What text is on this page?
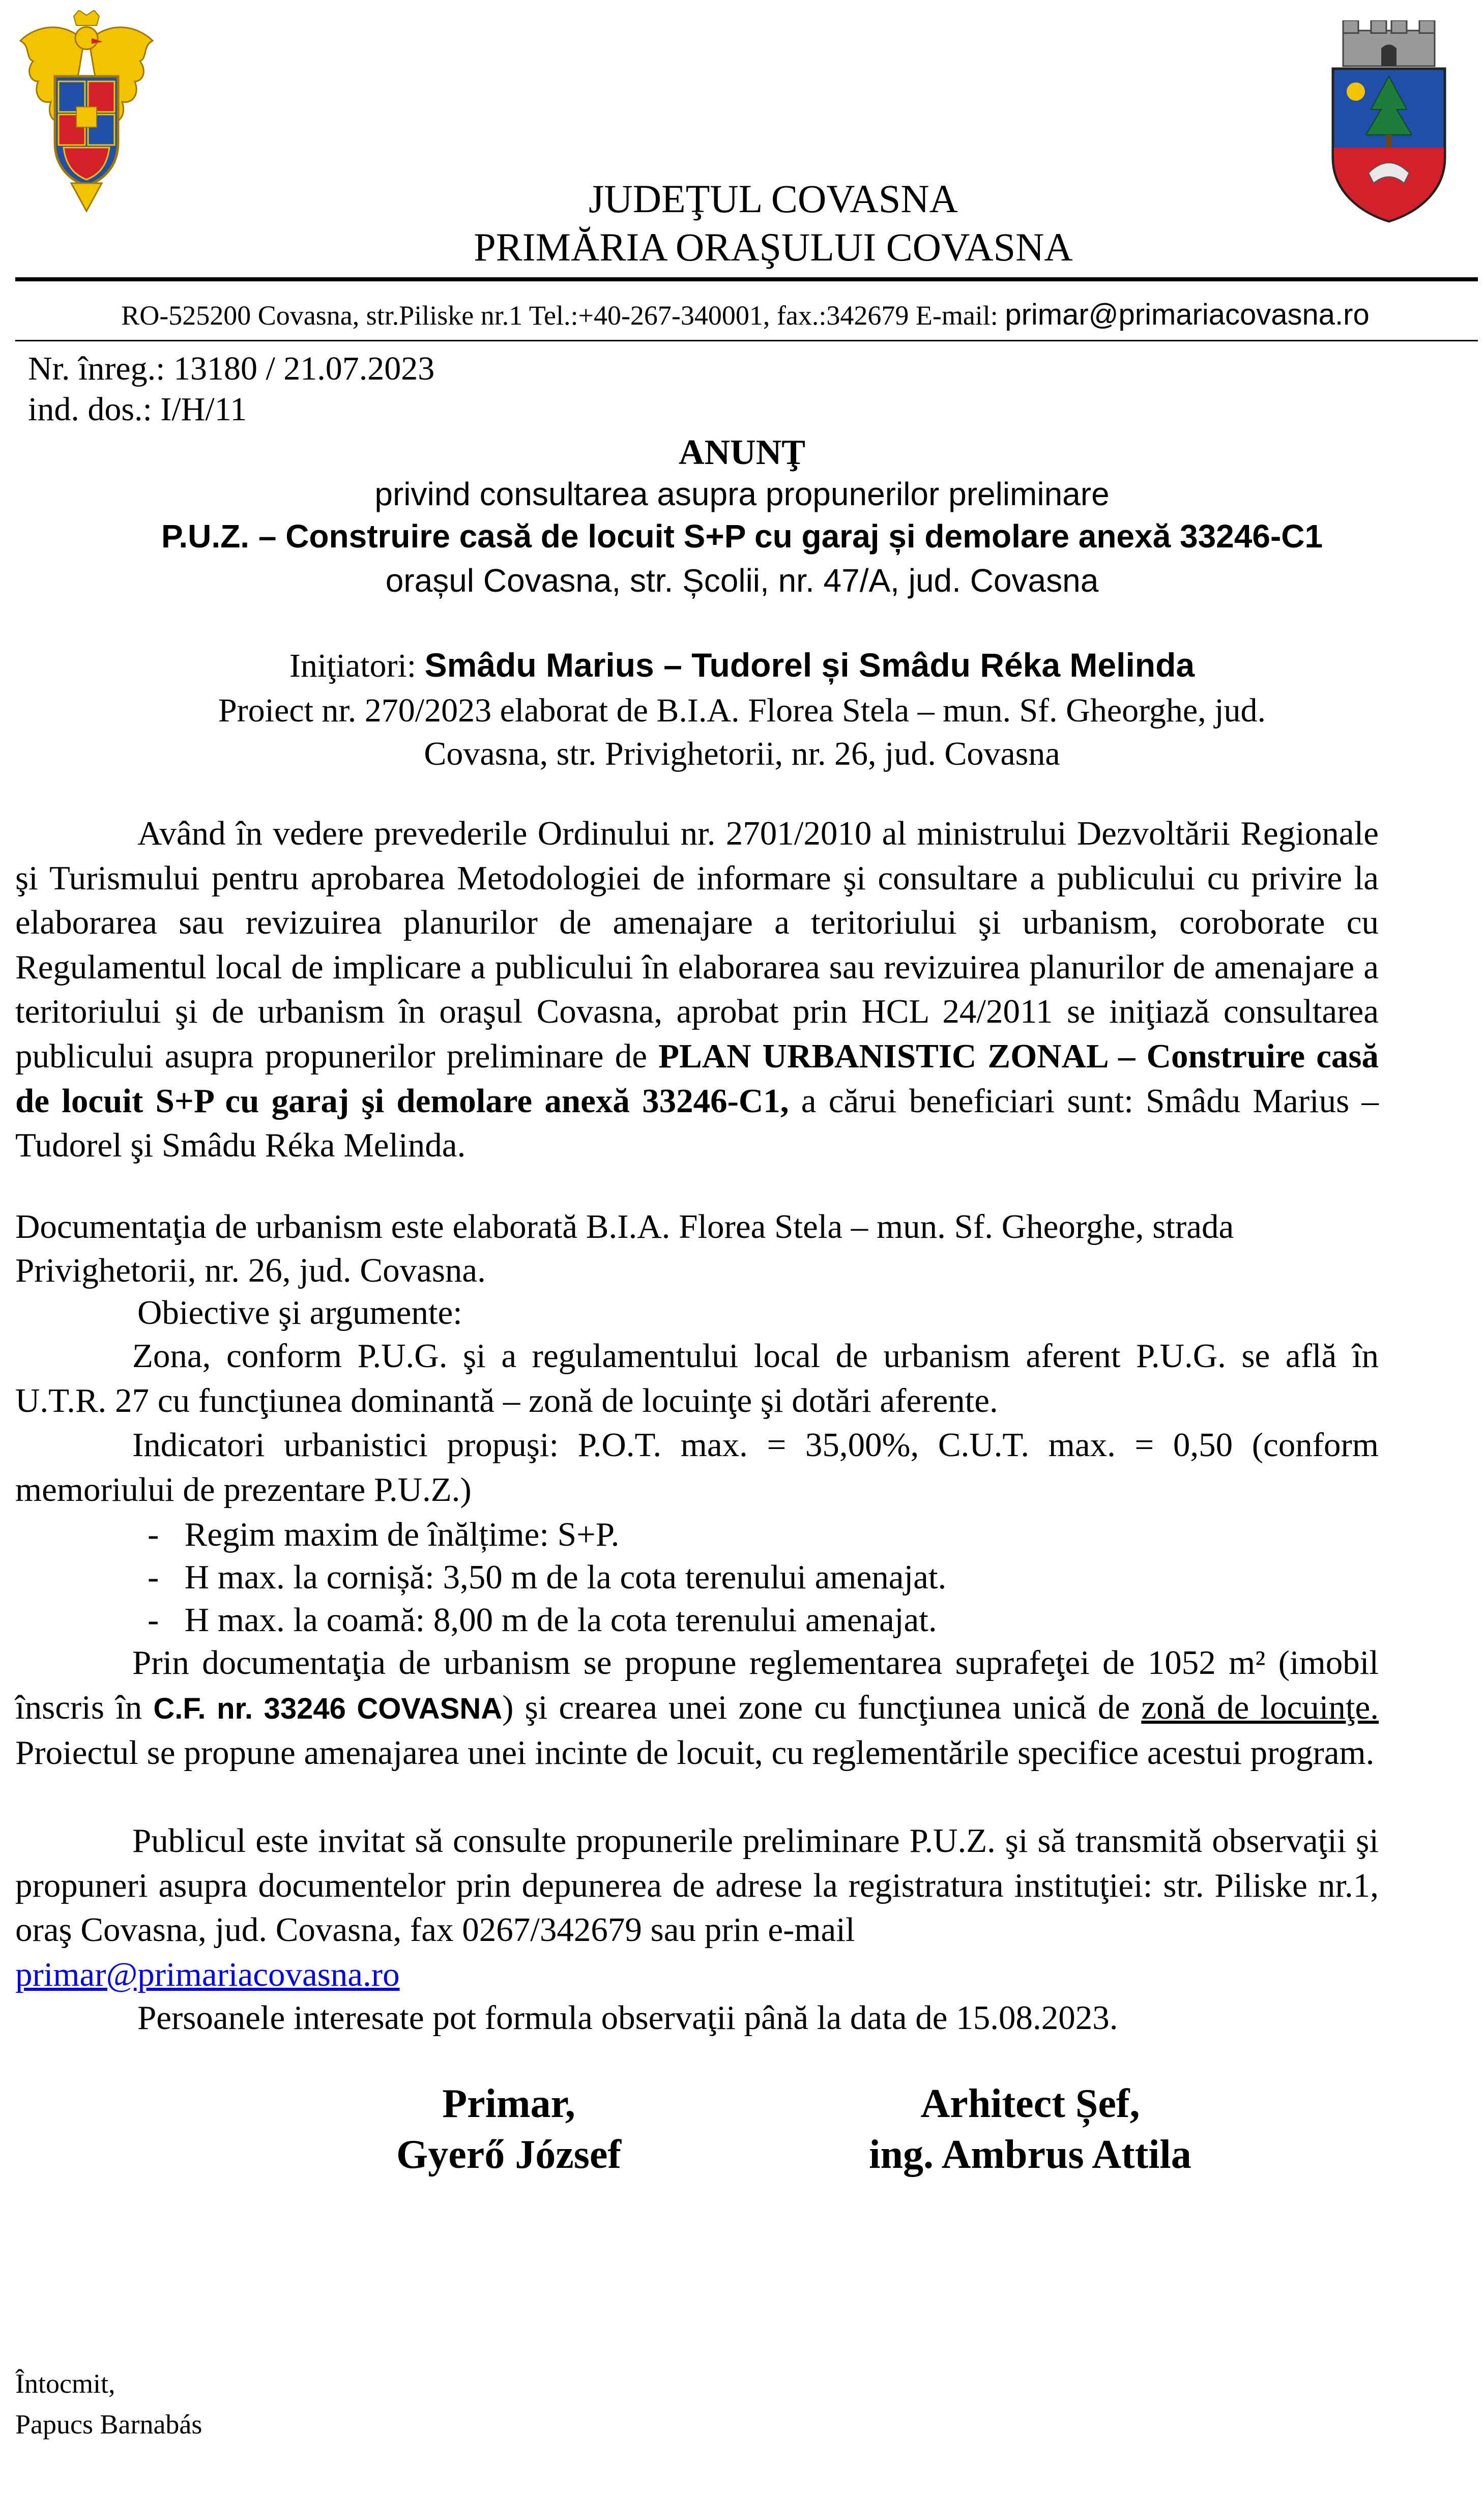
JUDEŢUL COVASNA
PRIMĂRIA ORAŞULUI COVASNA
RO-525200 Covasna, str.Piliske nr.1 Tel.:+40-267-340001, fax.:342679 E-mail: primar@primariacovasna.ro
Nr. înreg.: 13180 / 21.07.2023
ind. dos.: I/H/11
ANUNŢ
privind consultarea asupra propunerilor preliminare
P.U.Z. – Construire casă de locuit S+P cu garaj și demolare anexă 33246-C1
orașul Covasna, str. Școlii, nr. 47/A, jud. Covasna
Iniţiatori: Smâdu Marius – Tudorel și Smâdu Réka Melinda
Proiect nr. 270/2023 elaborat de B.I.A. Florea Stela – mun. Sf. Gheorghe, jud.
Covasna, str. Privighetorii, nr. 26, jud. Covasna
Având în vedere prevederile Ordinului nr. 2701/2010 al ministrului Dezvoltării Regionale şi Turismului pentru aprobarea Metodologiei de informare şi consultare a publicului cu privire la elaborarea sau revizuirea planurilor de amenajare a teritoriului şi urbanism, coroborate cu Regulamentul local de implicare a publicului în elaborarea sau revizuirea planurilor de amenajare a teritoriului şi de urbanism în oraşul Covasna, aprobat prin HCL 24/2011 se iniţiază consultarea publicului asupra propunerilor preliminare de PLAN URBANISTIC ZONAL – Construire casă de locuit S+P cu garaj şi demolare anexă 33246-C1, a cărui beneficiari sunt: Smâdu Marius – Tudorel şi Smâdu Réka Melinda.
Documentaţia de urbanism este elaborată B.I.A. Florea Stela – mun. Sf. Gheorghe, strada
Privighetorii, nr. 26, jud. Covasna.
Obiective şi argumente:
Zona, conform P.U.G. şi a regulamentului local de urbanism aferent P.U.G. se află în U.T.R. 27 cu funcţiunea dominantă – zonă de locuinţe şi dotări aferente.
Indicatori urbanistici propuşi: P.O.T. max. = 35,00%, C.U.T. max. = 0,50 (conform memoriului de prezentare P.U.Z.)
-   Regim maxim de înălțime: S+P.
-   H max. la cornișă: 3,50 m de la cota terenului amenajat.
-   H max. la coamă: 8,00 m de la cota terenului amenajat.
Prin documentaţia de urbanism se propune reglementarea suprafeţei de 1052 m² (imobil înscris în C.F. nr. 33246 COVASNA) şi crearea unei zone cu funcţiunea unică de zonă de locuinţe. Proiectul se propune amenajarea unei incinte de locuit, cu reglementările specifice acestui program.
Publicul este invitat să consulte propunerile preliminare P.U.Z. şi să transmită observaţii şi propuneri asupra documentelor prin depunerea de adrese la registratura instituţiei: str. Piliske nr.1, oraş Covasna, jud. Covasna, fax 0267/342679 sau prin e-mail
primar@primariacovasna.ro
Persoanele interesate pot formula observaţii până la data de 15.08.2023.
Primar,
Gyerő József
Arhitect Șef,
ing. Ambrus Attila
Întocmit,
Papucs Barnabás
